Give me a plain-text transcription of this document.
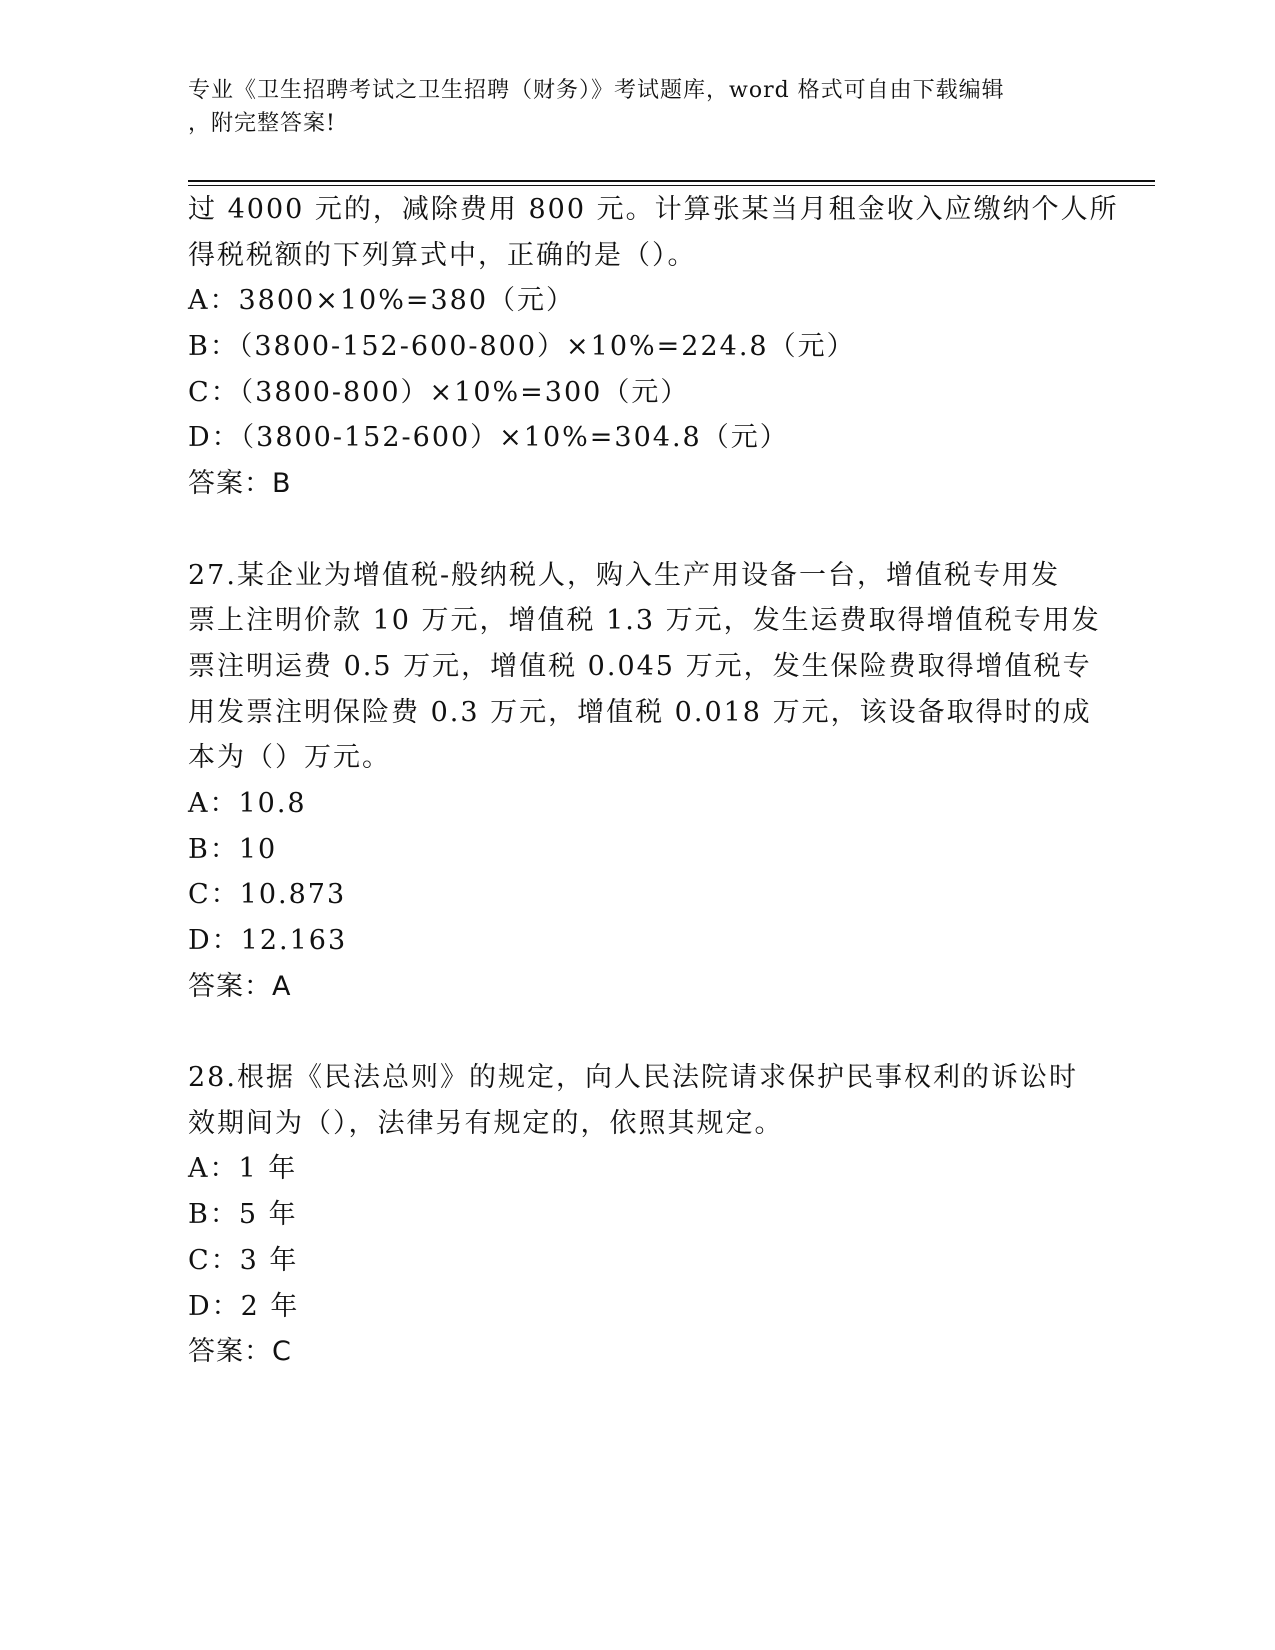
专业《卫生招聘考试之卫生招聘（财务）》考试题库，word 格式可自由下载编辑
，附完整答案!
过 4000 元的，减除费用 800 元。计算张某当月租金收入应缴纳个人所
得税税额的下列算式中，正确的是（）。
A：3800×10%=380（元）
B：（3800-152-600-800）×10%=224.8（元）
C：（3800-800）×10%=300（元）
D：（3800-152-600）×10%=304.8（元）
答案：B
27.某企业为增值税-般纳税人，购入生产用设备一台，增值税专用发
票上注明价款 10 万元，增值税 1.3 万元，发生运费取得增值税专用发
票注明运费 0.5 万元，增值税 0.045 万元，发生保险费取得增值税专
用发票注明保险费 0.3 万元，增值税 0.018 万元，该设备取得时的成
本为（）万元。
A：10.8
B：10
C：10.873
D：12.163
答案：A
28.根据《民法总则》的规定，向人民法院请求保护民事权利的诉讼时
效期间为（），法律另有规定的，依照其规定。
A：1 年
B：5 年
C：3 年
D：2 年
答案：C
